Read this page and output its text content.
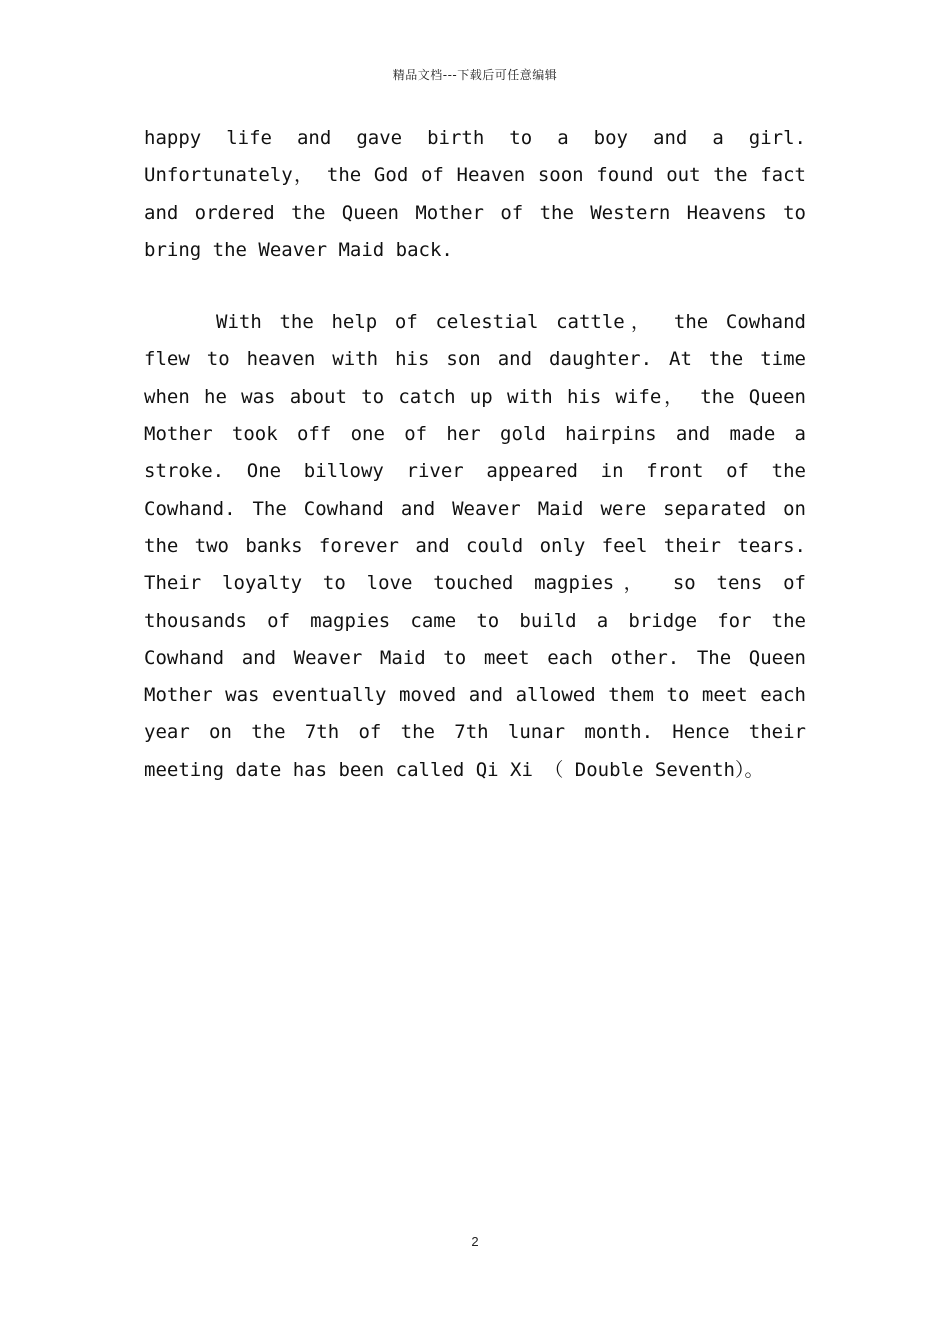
精品文档---下载后可任意编辑

happy life and gave birth to a boy and a girl. Unfortunately， the God of Heaven soon found out the fact and ordered the Queen Mother of the Western Heavens to bring the Weaver Maid back.

With the help of celestial cattle， the Cowhand flew to heaven with his son and daughter. At the time when he was about to catch up with his wife， the Queen Mother took off one of her gold hairpins and made a stroke. One billowy river appeared in front of the Cowhand. The Cowhand and Weaver Maid were separated on the two banks forever and could only feel their tears. Their loyalty to love touched magpies， so tens of thousands of magpies came to build a bridge for the Cowhand and Weaver Maid to meet each other. The Queen Mother was eventually moved and allowed them to meet each year on the 7th of the 7th lunar month. Hence their meeting date has been called Qi Xi （ Double Seventh）。

2
